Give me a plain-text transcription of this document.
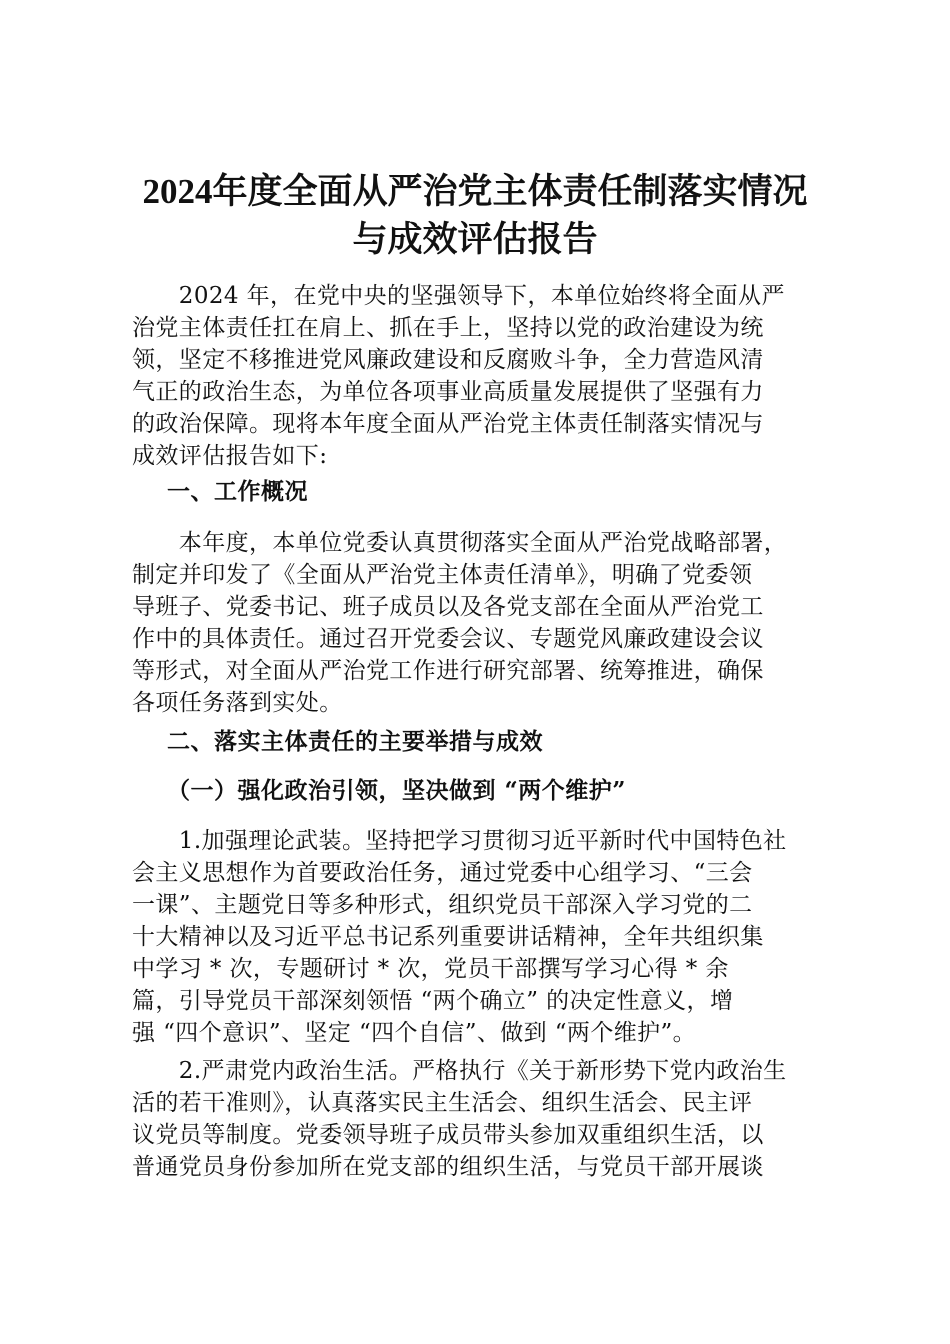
2024年度全面从严治党主体责任制落实情况
与成效评估报告
　　2024 年，在党中央的坚强领导下，本单位始终将全面从严
治党主体责任扛在肩上、抓在手上，坚持以党的政治建设为统
领，坚定不移推进党风廉政建设和反腐败斗争，全力营造风清
气正的政治生态，为单位各项事业高质量发展提供了坚强有力
的政治保障。现将本年度全面从严治党主体责任制落实情况与
成效评估报告如下:
一、工作概况
　　本年度，本单位党委认真贯彻落实全面从严治党战略部署，
制定并印发了《全面从严治党主体责任清单》，明确了党委领
导班子、党委书记、班子成员以及各党支部在全面从严治党工
作中的具体责任。通过召开党委会议、专题党风廉政建设会议
等形式，对全面从严治党工作进行研究部署、统筹推进，确保
各项任务落到实处。
二、落实主体责任的主要举措与成效
（一）强化政治引领，坚决做到 “两个维护”
　　1.加强理论武装。坚持把学习贯彻习近平新时代中国特色社
会主义思想作为首要政治任务，通过党委中心组学习、“三会
一课”、主题党日等多种形式，组织党员干部深入学习党的二
十大精神以及习近平总书记系列重要讲话精神，全年共组织集
中学习 * 次，专题研讨 * 次，党员干部撰写学习心得 * 余
篇，引导党员干部深刻领悟 “两个确立” 的决定性意义，增
强 “四个意识”、坚定 “四个自信”、做到 “两个维护”。
　　2.严肃党内政治生活。严格执行《关于新形势下党内政治生
活的若干准则》，认真落实民主生活会、组织生活会、民主评
议党员等制度。党委领导班子成员带头参加双重组织生活，以
普通党员身份参加所在党支部的组织生活，与党员干部开展谈
